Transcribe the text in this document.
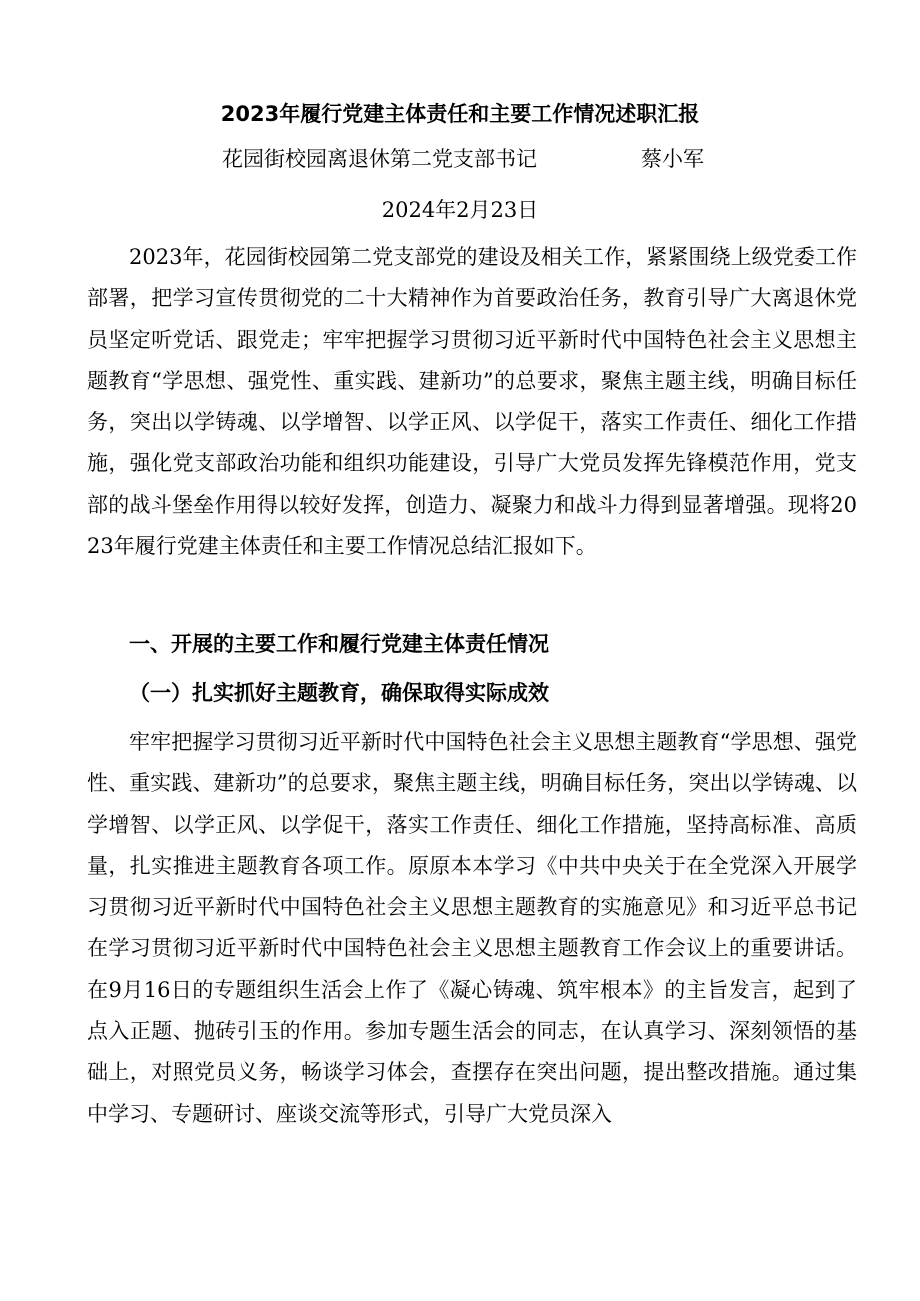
2023年履行党建主体责任和主要工作情况述职汇报
花园街校园离退休第二党支部书记	蔡小军
2024年2月23日
2023年，花园街校园第二党支部党的建设及相关工作，紧紧围绕上级党委工作部署，把学习宣传贯彻党的二十大精神作为首要政治任务，教育引导广大离退休党员坚定听党话、跟党走；牢牢把握学习贯彻习近平新时代中国特色社会主义思想主题教育“学思想、强党性、重实践、建新功”的总要求，聚焦主题主线，明确目标任务，突出以学铸魂、以学增智、以学正风、以学促干，落实工作责任、细化工作措施，强化党支部政治功能和组织功能建设，引导广大党员发挥先锋模范作用，党支部的战斗堡垒作用得以较好发挥，创造力、凝聚力和战斗力得到显著增强。现将2023年履行党建主体责任和主要工作情况总结汇报如下。
一、开展的主要工作和履行党建主体责任情况
（一）扎实抓好主题教育，确保取得实际成效
牢牢把握学习贯彻习近平新时代中国特色社会主义思想主题教育“学思想、强党性、重实践、建新功”的总要求，聚焦主题主线，明确目标任务，突出以学铸魂、以学增智、以学正风、以学促干，落实工作责任、细化工作措施，坚持高标准、高质量，扎实推进主题教育各项工作。原原本本学习《中共中央关于在全党深入开展学习贯彻习近平新时代中国特色社会主义思想主题教育的实施意见》和习近平总书记在学习贯彻习近平新时代中国特色社会主义思想主题教育工作会议上的重要讲话。在9月16日的专题组织生活会上作了《凝心铸魂、筑牢根本》的主旨发言，起到了点入正题、抛砖引玉的作用。参加专题生活会的同志，在认真学习、深刻领悟的基础上，对照党员义务，畅谈学习体会，查摆存在突出问题，提出整改措施。通过集中学习、专题研讨、座谈交流等形式，引导广大党员深入
